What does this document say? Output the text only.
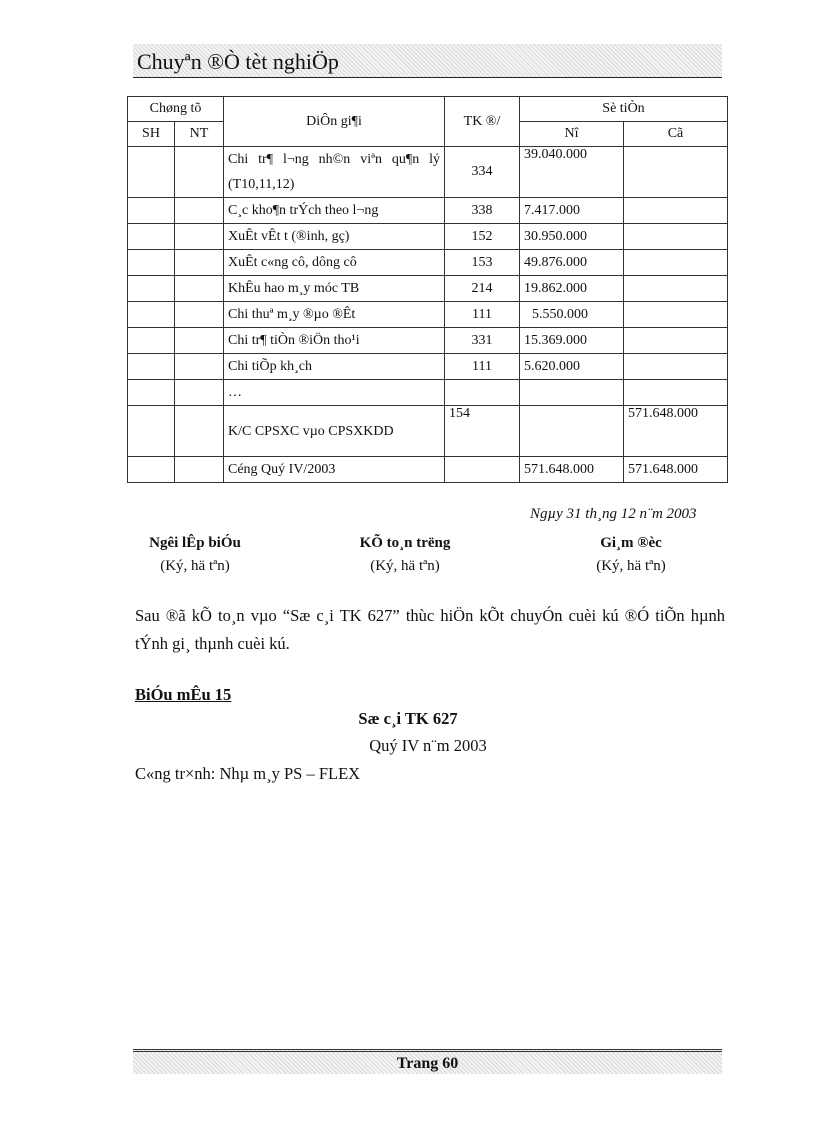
Chuyªn ®Ò tèt nghiÖp
Chøng tõ		DiÔn gi¶i	TK ®/	Sè tiÒn	
SH	NT			Nî	Cã
		Chi tr¶ l¬ng nh©n viªn qu¶n lý (T10,11,12)	334	39.040.000	
		C¸c kho¶n trÝch theo l¬ng	338	7.417.000	
		XuÊt vÊt t (®inh, gç)	152	30.950.000	
		XuÊt c«ng cô, dông cô	153	49.876.000	
		KhÊu hao m¸y móc TB	214	19.862.000	
		Chi thuª m¸y ®µo ®Êt	111	5.550.000	
		Chi tr¶ tiÒn ®iÖn tho¹i	331	15.369.000	
		Chi tiÕp kh¸ch	111	5.620.000	
		…			
		K/C CPSXC vµo CPSXKDD	154		571.648.000
		Céng Quý IV/2003		571.648.000	571.648.000
Ngµy 31 th¸ng 12 n¨m 2003
Ngêi lÊp biÓu
(Ký, hä tªn)
KÕ to¸n trëng
(Ký, hä tªn)
Gi¸m ®èc
(Ký, hä tªn)
Sau ®ã kÕ to¸n vµo “Sæ c¸i TK 627” thùc hiÖn kÕt chuyÓn cuèi kú ®Ó tiÕn hµnh tÝnh gi¸ thµnh cuèi kú.
BiÓu mÊu 15
Sæ c¸i TK 627
Quý IV n¨m 2003
C«ng tr×nh: Nhµ m¸y PS – FLEX
Trang 60
